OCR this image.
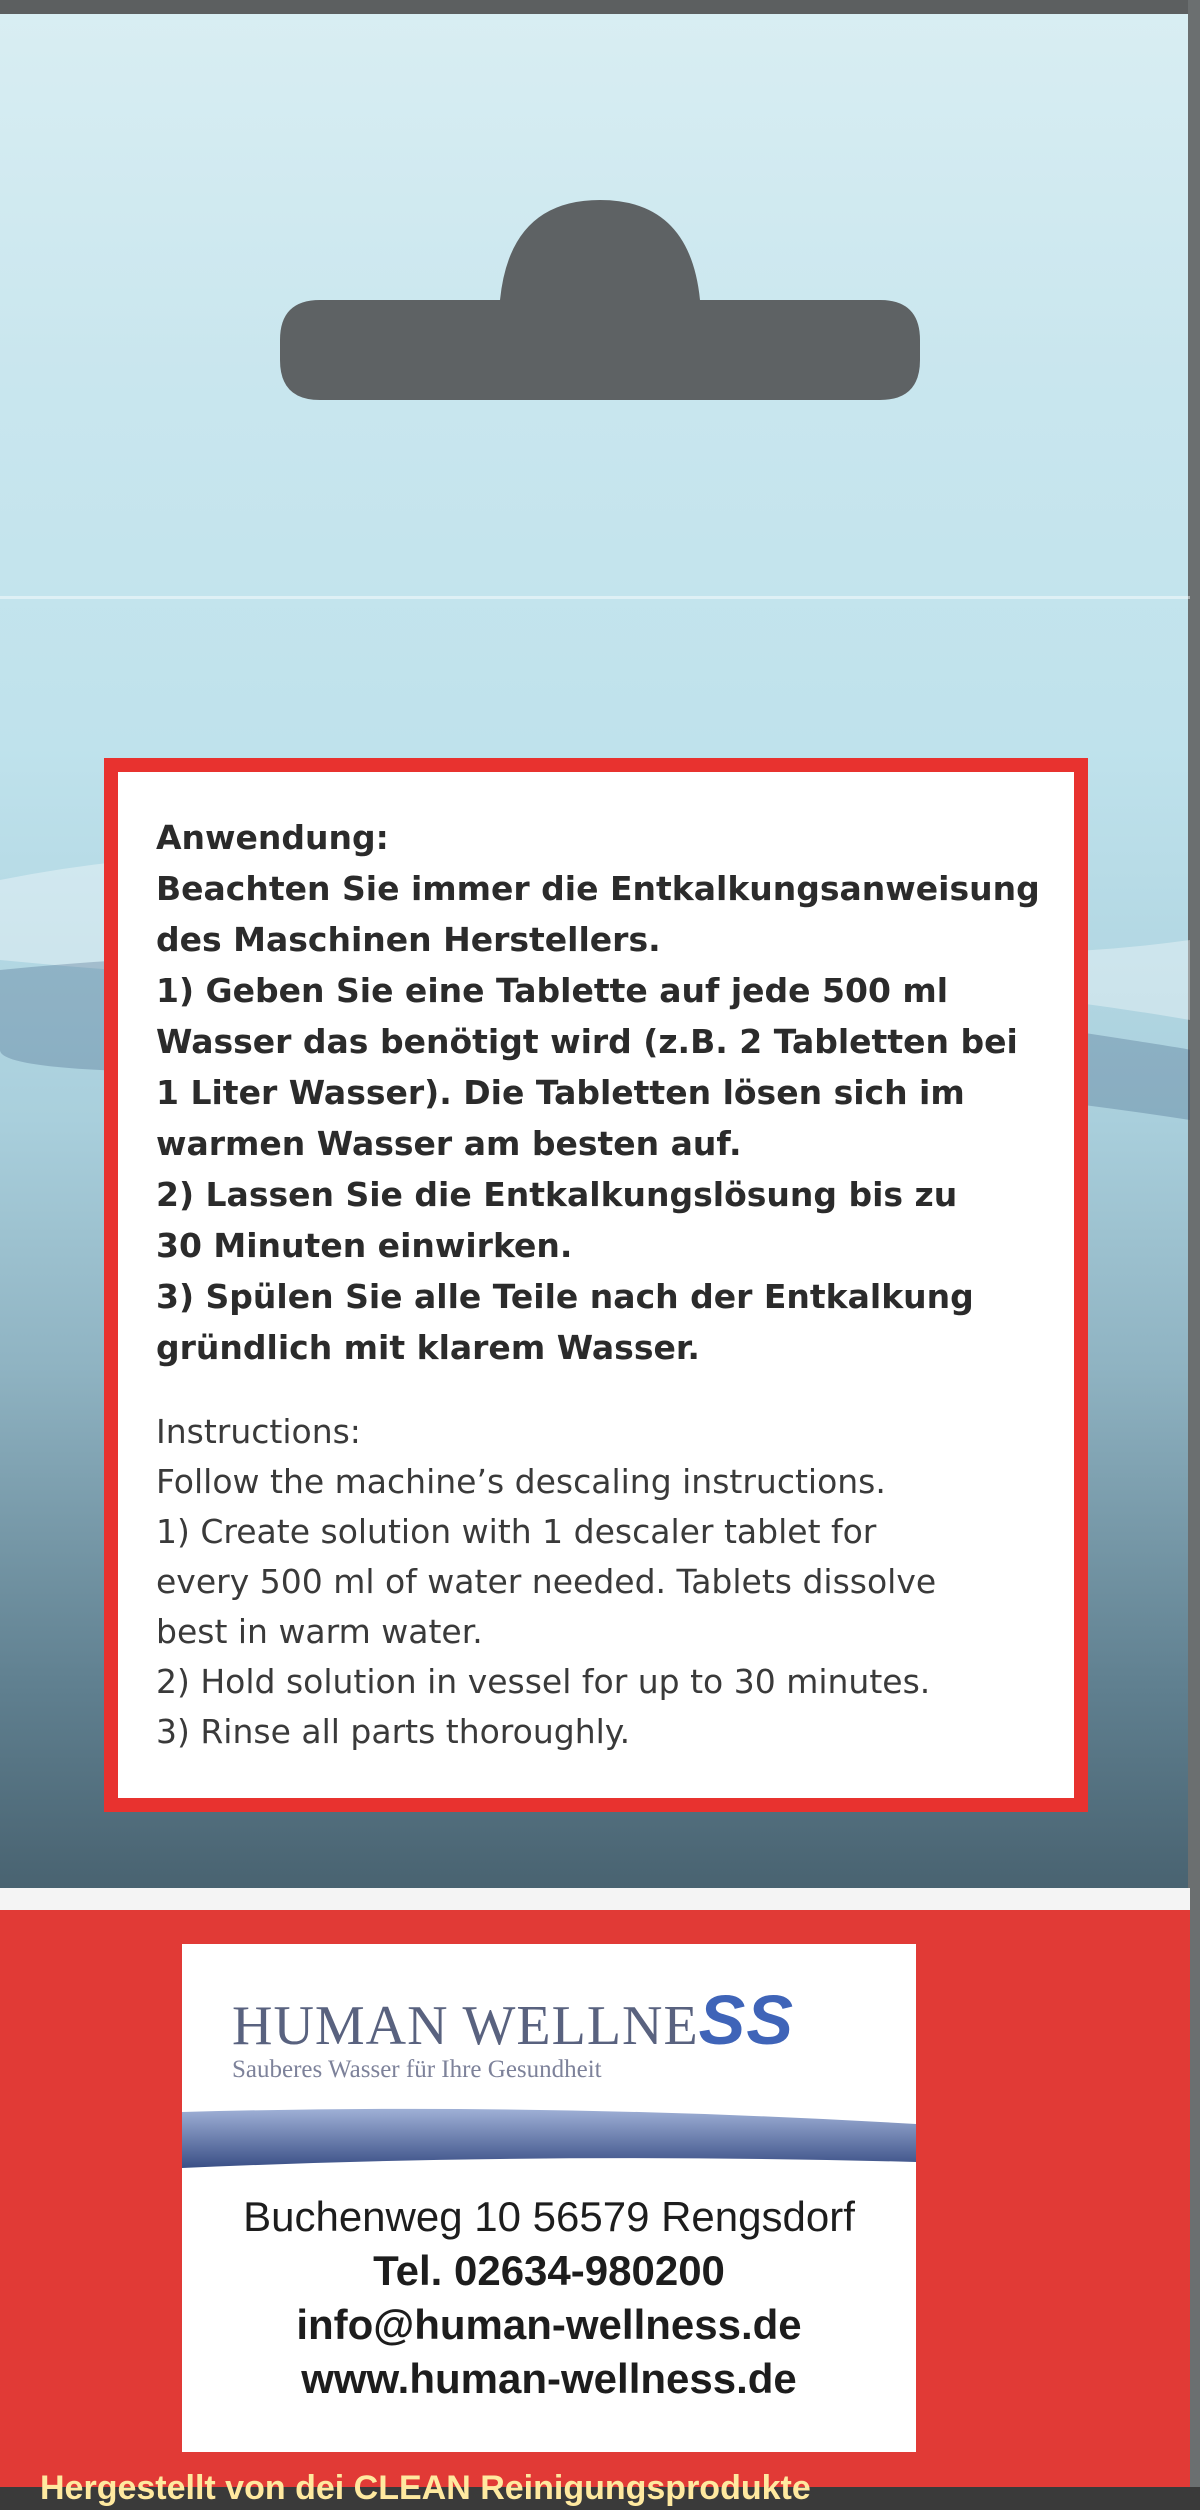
Anwendung:
Beachten Sie immer die Entkalkungsanweisung
des Maschinen Herstellers.
1) Geben Sie eine Tablette auf jede 500 ml
Wasser das benötigt wird (z.B. 2 Tabletten bei
1 Liter Wasser). Die Tabletten lösen sich im
warmen Wasser am besten auf.
2) Lassen Sie die Entkalkungslösung bis zu
30 Minuten einwirken.
3) Spülen Sie alle Teile nach der Entkalkung
gründlich mit klarem Wasser.

Instructions:
Follow the machine’s descaling instructions.
1) Create solution with 1 descaler tablet for
every 500 ml of water needed. Tablets dissolve
best in warm water.
2) Hold solution in vessel for up to 30 minutes.
3) Rinse all parts thoroughly.

HUMAN WELLNESS
Sauberes Wasser für Ihre Gesundheit
Buchenweg 10 56579 Rengsdorf
Tel. 02634-980200
info@human-wellness.de
www.human-wellness.de
Hergestellt von dei CLEAN Reinigungsprodukte
